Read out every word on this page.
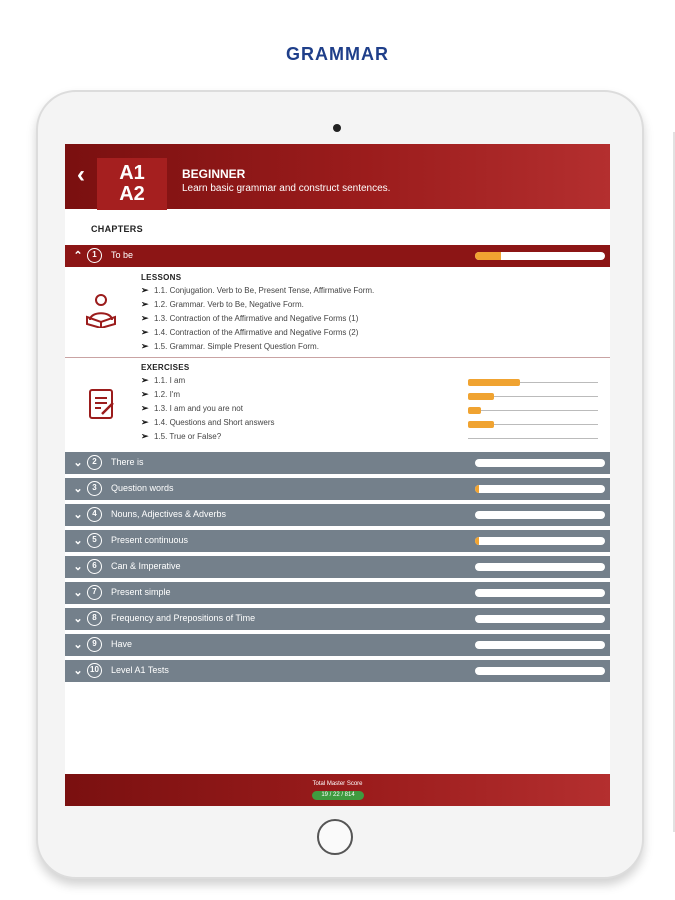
GRAMMAR
‹	A1
A2
BEGINNER
Learn basic grammar and construct sentences.
CHAPTERS
⌃	1	To be
LESSONS
➢ 1.1. Conjugation. Verb to Be, Present Tense, Affirmative Form.
➢ 1.2. Grammar. Verb to Be, Negative Form.
➢ 1.3. Contraction of the Affirmative and Negative Forms (1)
➢ 1.4. Contraction of the Affirmative and Negative Forms (2)
➢ 1.5. Grammar. Simple Present Question Form.
EXERCISES
➢ 1.1. I am
➢ 1.2. I'm
➢ 1.3. I am and you are not
➢ 1.4. Questions and Short answers
➢ 1.5. True or False?
⌄	2	There is
⌄	3	Question words
⌄	4	Nouns, Adjectives & Adverbs
⌄	5	Present continuous
⌄	6	Can & Imperative
⌄	7	Present simple
⌄	8	Frequency and Prepositions of Time
⌄	9	Have
⌄ 10	Level A1 Tests
Total Master Score
19 / 22 / 814
